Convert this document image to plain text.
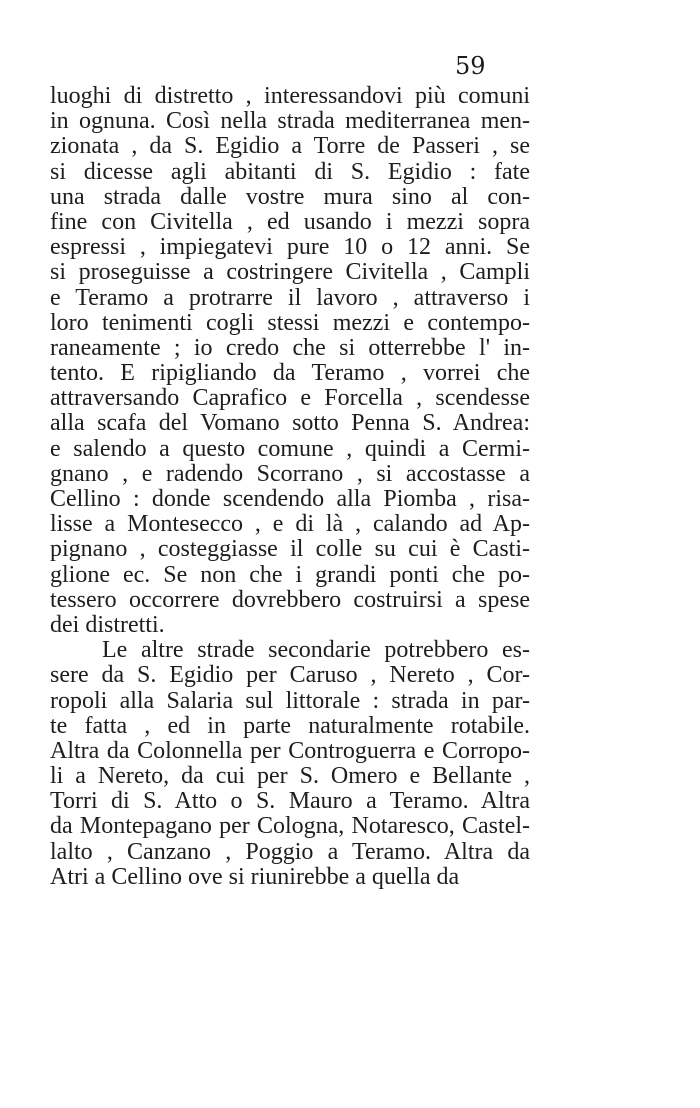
59
luoghi di distretto , interessandovi più comuni
in ognuna. Così nella strada mediterranea men-
zionata , da S. Egidio a Torre de Passeri , se
si dicesse agli abitanti di S. Egidio : fate
una strada dalle vostre mura sino al con-
fine con Civitella , ed usando i mezzi sopra
espressi , impiegatevi pure 10 o 12 anni. Se
si proseguisse a costringere Civitella , Campli
e Teramo a protrarre il lavoro , attraverso i
loro tenimenti cogli stessi mezzi e contempo-
raneamente ; io credo che si otterrebbe l' in-
tento. E ripigliando da Teramo , vorrei che
attraversando Caprafico e Forcella , scendesse
alla scafa del Vomano sotto Penna S. Andrea:
e salendo a questo comune , quindi a Cermi-
gnano , e radendo Scorrano , si accostasse a
Cellino : donde scendendo alla Piomba , risa-
lisse a Montesecco , e di là , calando ad Ap-
pignano , costeggiasse il colle su cui è Casti-
glione ec. Se non che i grandi ponti che po-
tessero occorrere dovrebbero costruirsi a spese
dei distretti.
Le altre strade secondarie potrebbero es-
sere da S. Egidio per Caruso , Nereto , Cor-
ropoli alla Salaria sul littorale : strada in par-
te fatta , ed in parte naturalmente rotabile.
Altra da Colonnella per Controguerra e Corropo-
li a Nereto, da cui per S. Omero e Bellante ,
Torri di S. Atto o S. Mauro a Teramo. Altra
da Montepagano per Cologna, Notaresco, Castel-
lalto , Canzano , Poggio a Teramo. Altra da
Atri a Cellino ove si riunirebbe a quella da
